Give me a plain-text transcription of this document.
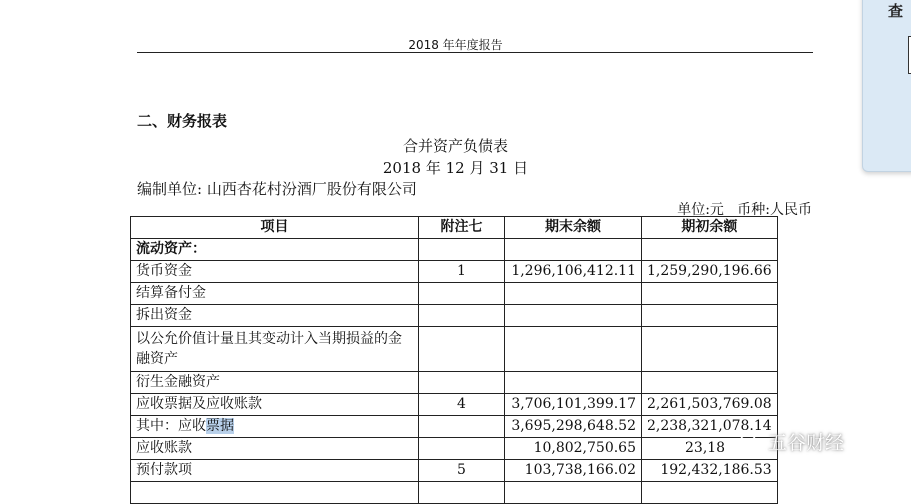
查
2018 年年度报告
二、财务报表
合并资产负债表
2018 年 12 月 31 日
编制单位: 山西杏花村汾酒厂股份有限公司
单位:元 币种:人民币
项目	附注七	期末余额	期初余额
流动资产：			
货币资金	1	1,296,106,412.11	1,259,290,196.66
结算备付金			
拆出资金			
以公允价值计量且其变动计入当期损益的金融资产			
衍生金融资产			
应收票据及应收账款	4	3,706,101,399.17	2,261,503,769.08
其中：应收票据		3,695,298,648.52	2,238,321,078.14
应收账款		10,802,750.65	23,18
预付款项	5	103,738,166.02	192,432,186.53

五谷财经
